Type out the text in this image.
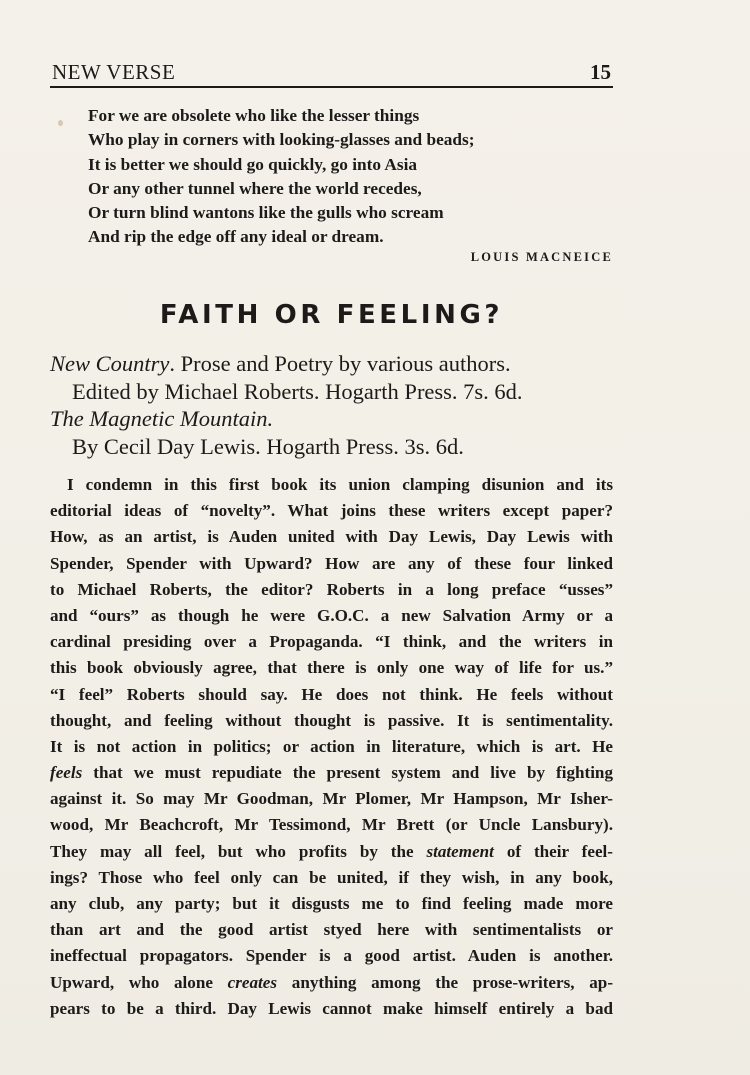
NEW VERSE	15
For we are obsolete who like the lesser things
Who play in corners with looking-glasses and beads;
It is better we should go quickly, go into Asia
Or any other tunnel where the world recedes,
Or turn blind wantons like the gulls who scream
And rip the edge off any ideal or dream.
LOUIS MACNEICE
FAITH OR FEELING?
New Country. Prose and Poetry by various authors.
Edited by Michael Roberts. Hogarth Press. 7s. 6d.
The Magnetic Mountain.
By Cecil Day Lewis. Hogarth Press. 3s. 6d.
I condemn in this first book its union clamping disunion and its
editorial ideas of “novelty”. What joins these writers except paper?
How, as an artist, is Auden united with Day Lewis, Day Lewis with
Spender, Spender with Upward? How are any of these four linked
to Michael Roberts, the editor? Roberts in a long preface “usses”
and “ours” as though he were G.O.C. a new Salvation Army or a
cardinal presiding over a Propaganda. “I think, and the writers in
this book obviously agree, that there is only one way of life for us.”
“I feel” Roberts should say. He does not think. He feels without
thought, and feeling without thought is passive. It is sentimentality.
It is not action in politics; or action in literature, which is art. He
feels that we must repudiate the present system and live by fighting
against it. So may Mr Goodman, Mr Plomer, Mr Hampson, Mr Isher-
wood, Mr Beachcroft, Mr Tessimond, Mr Brett (or Uncle Lansbury).
They may all feel, but who profits by the statement of their feel-
ings? Those who feel only can be united, if they wish, in any book,
any club, any party; but it disgusts me to find feeling made more
than art and the good artist styed here with sentimentalists or
ineffectual propagators. Spender is a good artist. Auden is another.
Upward, who alone creates anything among the prose-writers, ap-
pears to be a third. Day Lewis cannot make himself entirely a bad
